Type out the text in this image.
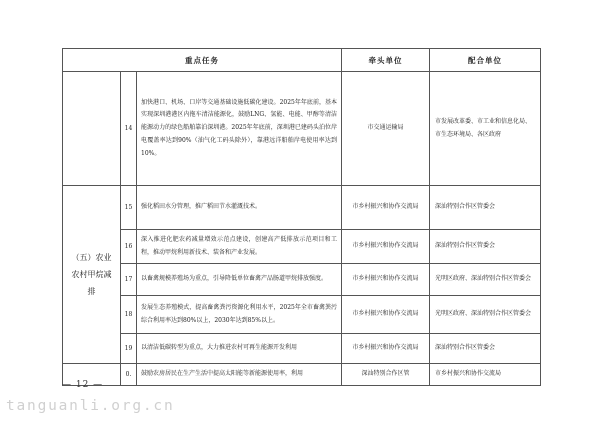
重点任务			牵头单位	配合单位
	14	加快港口、机场、口岸等交通基础设施低碳化建设。2025年年底前，基本实现深圳港港区内拖车清洁能源化，鼓励LNG、氢能、电能、甲醇等清洁能源动力的绿色船舶靠泊深圳港。2025年年底前，深圳港已建码头泊位岸电覆盖率达到90%（油气化工码头除外），靠港远洋船舶岸电使用率达到10%。	市交通运输局	市发展改革委、市工业和信息化局、市生态环境局、各区政府
（五）农业
农村甲烷减
排	15	强化稻田水分管理，推广稻田节水灌溉技术。	市乡村振兴和协作交流局	深汕特别合作区管委会
	16	深入推进化肥农药减量增效示范点建设，创建高产低排放示范项目和工程，推动甲烷利用新技术、装备和产业发展。	市乡村振兴和协作交流局	深汕特别合作区管委会
	17	以畜禽规模养殖场为重点，引导降低单位畜禽产品肠道甲烷排放强度。	市乡村振兴和协作交流局	光明区政府、深汕特别合作区管委会
	18	发展生态养殖模式，提高畜禽粪污资源化利用水平，2025年全市畜禽粪污综合利用率达到80%以上，2030年达到85%以上。	市乡村振兴和协作交流局	光明区政府、深汕特别合作区管委会
	19	以清洁低碳转型为重点，大力推进农村可再生能源开发利用	市乡村振兴和协作交流局	深汕特别合作区管委会
	0.	鼓励农房居民在生产生活中提高太阳能等新能源使用率，利用	深汕特别合作区管	市乡村振兴和协作交流局
— 12 —
tanguanli.org.cn
